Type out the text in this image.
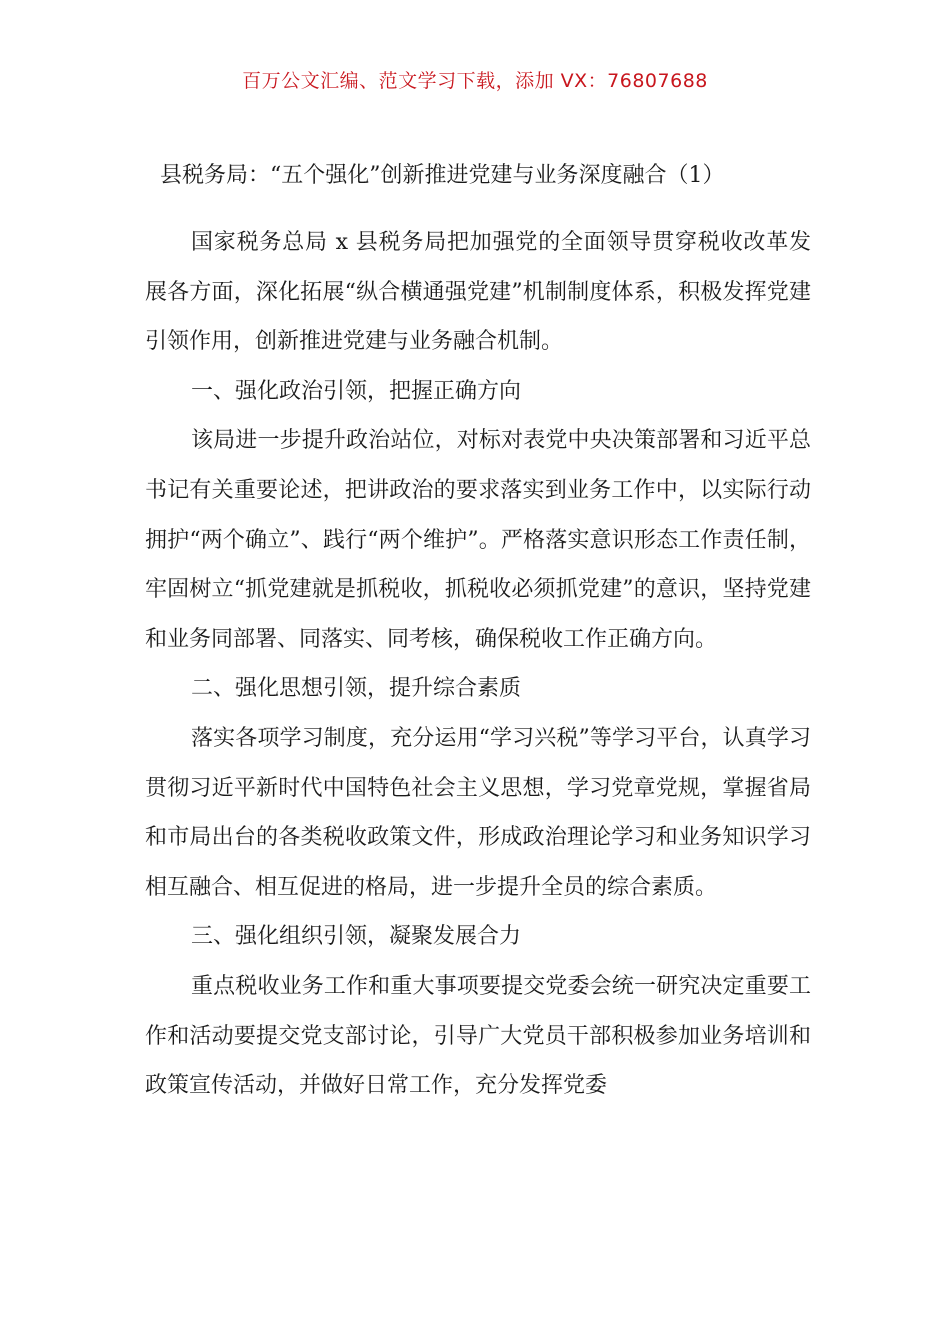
百万公文汇编、范文学习下载，添加 VX：76807688
县税务局：“五个强化”创新推进党建与业务深度融合（1）

国家税务总局 x 县税务局把加强党的全面领导贯穿税收改革发展各方面，深化拓展“纵合横通强党建”机制制度体系，积极发挥党建引领作用，创新推进党建与业务融合机制。

一、强化政治引领，把握正确方向

该局进一步提升政治站位，对标对表党中央决策部署和习近平总书记有关重要论述，把讲政治的要求落实到业务工作中，以实际行动拥护“两个确立”、践行“两个维护”。严格落实意识形态工作责任制，牢固树立“抓党建就是抓税收，抓税收必须抓党建”的意识，坚持党建和业务同部署、同落实、同考核，确保税收工作正确方向。

二、强化思想引领，提升综合素质

落实各项学习制度，充分运用“学习兴税”等学习平台，认真学习贯彻习近平新时代中国特色社会主义思想，学习党章党规，掌握省局和市局出台的各类税收政策文件，形成政治理论学习和业务知识学习相互融合、相互促进的格局，进一步提升全员的综合素质。

三、强化组织引领，凝聚发展合力

重点税收业务工作和重大事项要提交党委会统一研究决定重要工作和活动要提交党支部讨论，引导广大党员干部积极参加业务培训和政策宣传活动，并做好日常工作，充分发挥党委
